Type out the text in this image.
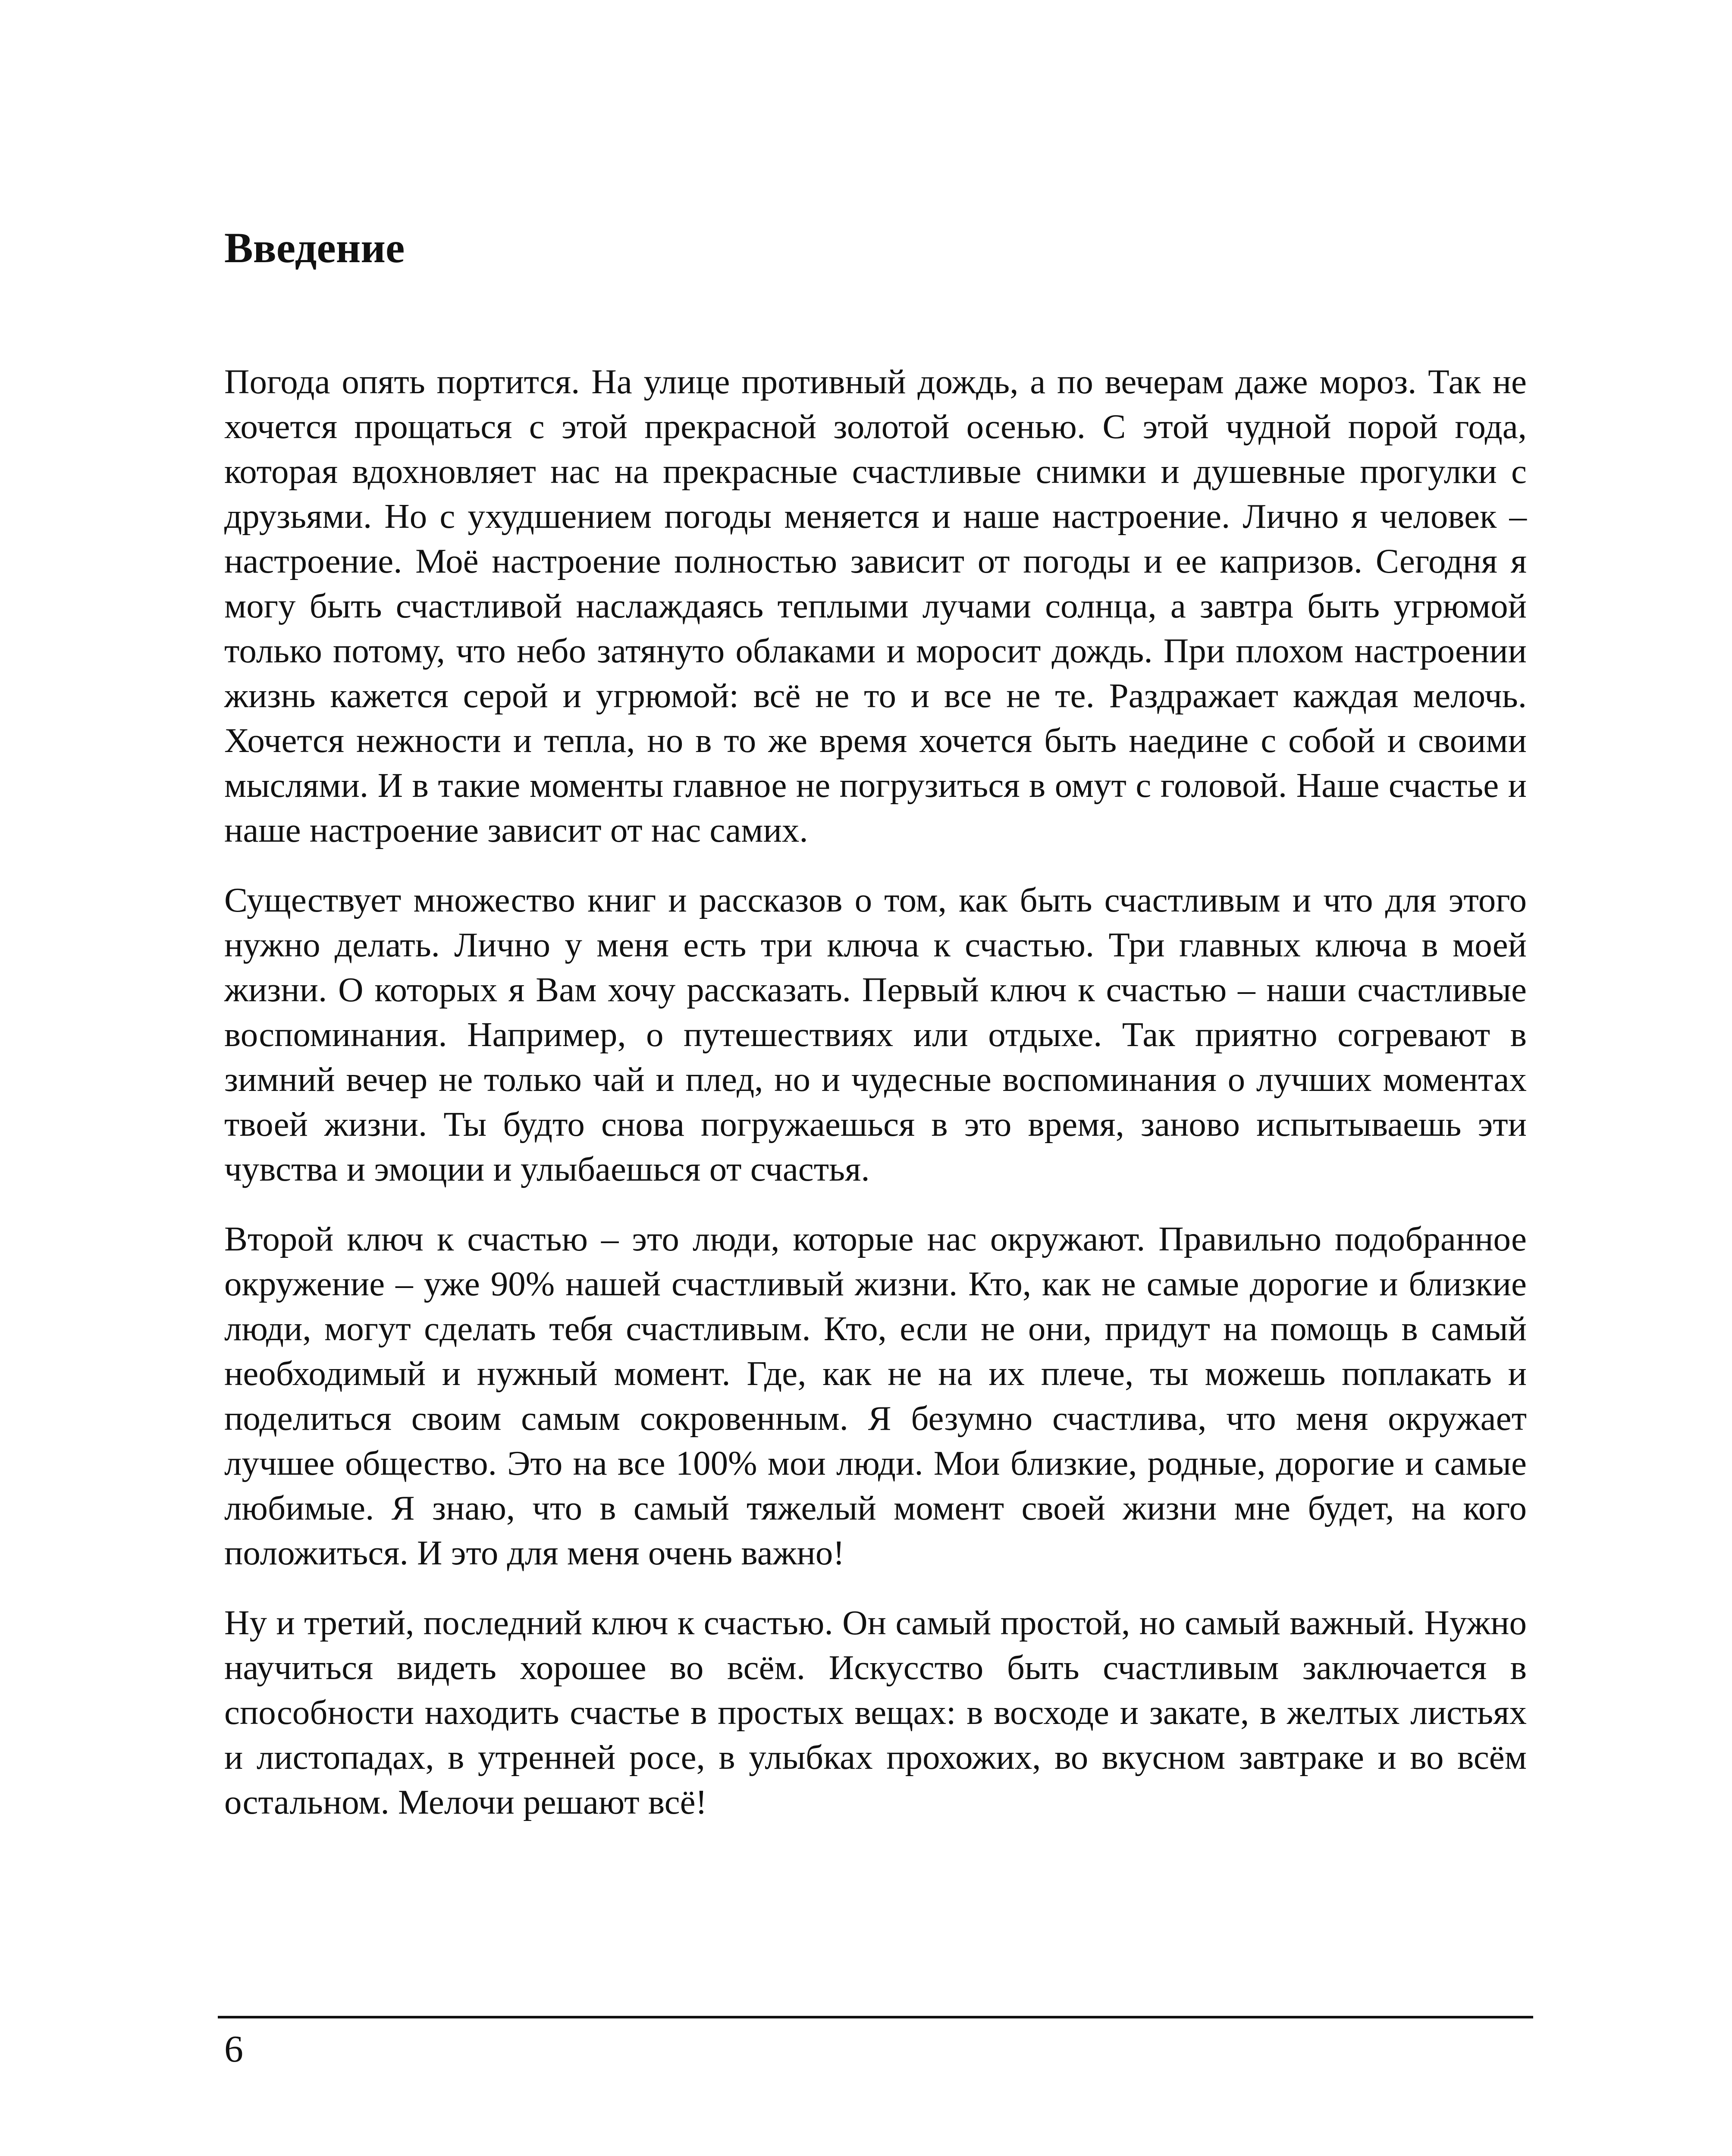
Введение

Погода опять портится. На улице противный дождь, а по вечерам даже мороз. Так не хочется прощаться с этой прекрасной золотой осенью. С этой чудной порой года, которая вдохновляет нас на прекрасные счастливые снимки и душевные прогулки с друзьями. Но с ухудшением погоды меняется и наше настроение. Лично я человек – настроение. Моё настроение полностью зависит от погоды и ее капризов. Сегодня я могу быть счастливой наслаждаясь теплыми лучами солнца, а завтра быть угрюмой только потому, что небо затянуто облаками и моросит дождь. При плохом настроении жизнь кажется серой и угрюмой: всё не то и все не те. Раздражает каждая мелочь. Хочется нежности и тепла, но в то же время хочется быть наедине с собой и своими мыслями. И в такие моменты главное не погрузиться в омут с головой. Наше счастье и наше настроение зависит от нас самих.

Существует множество книг и рассказов о том, как быть счастливым и что для этого нужно делать. Лично у меня есть три ключа к счастью. Три главных ключа в моей жизни. О которых я Вам хочу рассказать. Первый ключ к счастью – наши счастливые воспоминания. Например, о путешествиях или отдыхе. Так приятно согревают в зимний вечер не только чай и плед, но и чудесные воспоминания о лучших моментах твоей жизни. Ты будто снова погружаешься в это время, заново испытываешь эти чувства и эмоции и улыбаешься от счастья.

Второй ключ к счастью – это люди, которые нас окружают. Правильно подобранное окружение – уже 90% нашей счастливый жизни. Кто, как не самые дорогие и близкие люди, могут сделать тебя счастливым. Кто, если не они, придут на помощь в самый необходимый и нужный момент. Где, как не на их плече, ты можешь поплакать и поделиться своим самым сокровенным. Я безумно счастлива, что меня окружает лучшее общество. Это на все 100% мои люди. Мои близкие, родные, дорогие и самые любимые. Я знаю, что в самый тяжелый момент своей жизни мне будет, на кого положиться. И это для меня очень важно!

Ну и третий, последний ключ к счастью. Он самый простой, но самый важный. Нужно научиться видеть хорошее во всём. Искусство быть счастливым заключается в способности находить счастье в простых вещах: в восходе и закате, в желтых листьях и листопадах, в утренней росе, в улыбках прохожих, во вкусном завтраке и во всём остальном. Мелочи решают всё!

6
